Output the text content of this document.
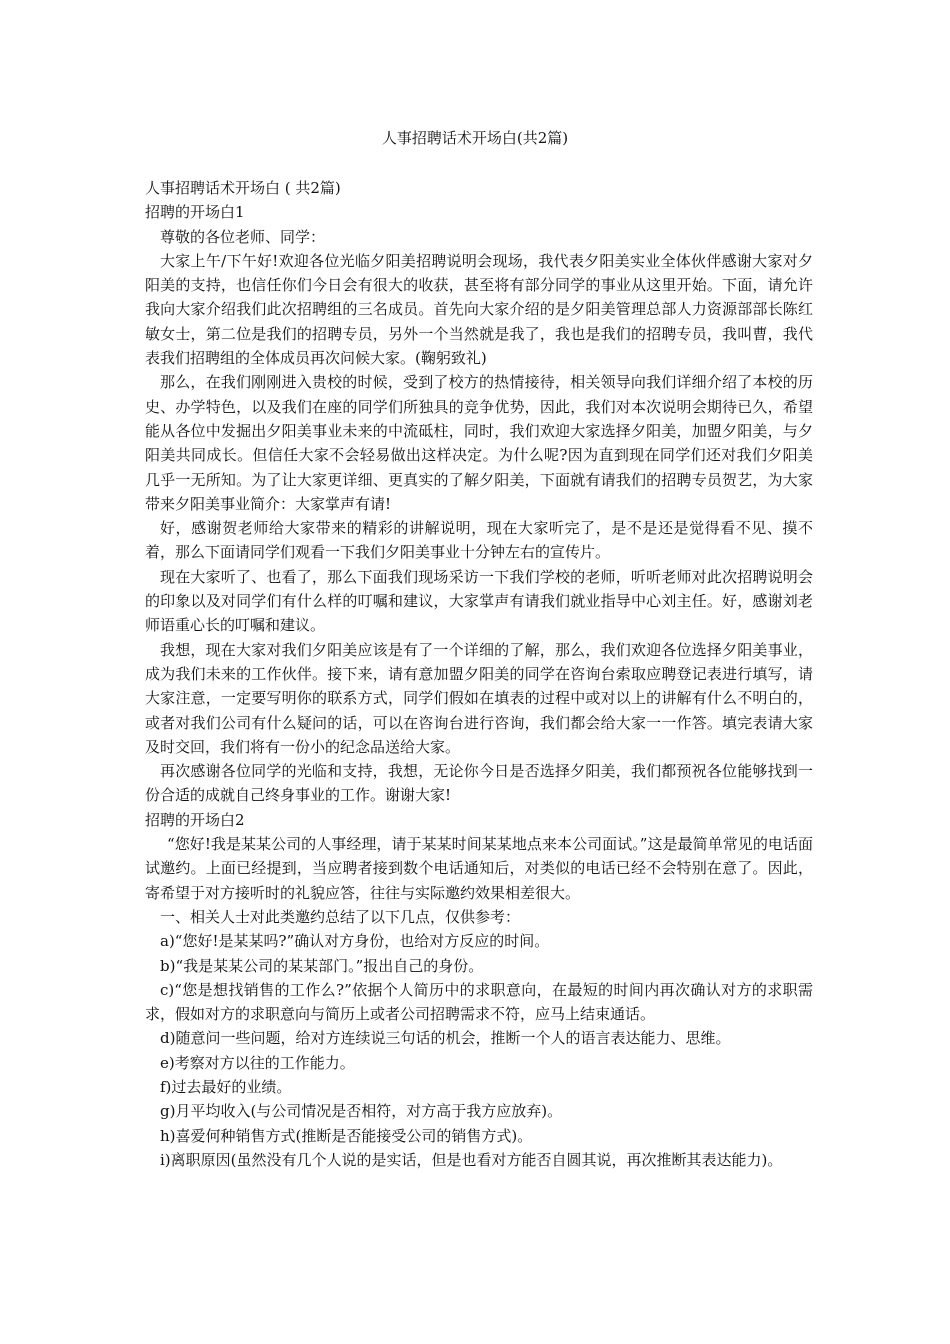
人事招聘话术开场白(共2篇)

人事招聘话术开场白 ( 共2篇)

招聘的开场白1

尊敬的各位老师、同学：

大家上午/下午好!欢迎各位光临夕阳美招聘说明会现场，我代表夕阳美实业全体伙伴感谢大家对夕阳美的支持，也信任你们今日会有很大的收获，甚至将有部分同学的事业从这里开始。下面，请允许我向大家介绍我们此次招聘组的三名成员。首先向大家介绍的是夕阳美管理总部人力资源部部长陈红敏女士，第二位是我们的招聘专员，另外一个当然就是我了，我也是我们的招聘专员，我叫曹，我代表我们招聘组的全体成员再次问候大家。(鞠躬致礼)

那么，在我们刚刚进入贵校的时候，受到了校方的热情接待，相关领导向我们详细介绍了本校的历史、办学特色，以及我们在座的同学们所独具的竞争优势，因此，我们对本次说明会期待已久，希望能从各位中发掘出夕阳美事业未来的中流砥柱，同时，我们欢迎大家选择夕阳美，加盟夕阳美，与夕阳美共同成长。但信任大家不会轻易做出这样决定。为什么呢?因为直到现在同学们还对我们夕阳美几乎一无所知。为了让大家更详细、更真实的了解夕阳美，下面就有请我们的招聘专员贺艺，为大家带来夕阳美事业简介：大家掌声有请!

好，感谢贺老师给大家带来的精彩的讲解说明，现在大家听完了，是不是还是觉得看不见、摸不着，那么下面请同学们观看一下我们夕阳美事业十分钟左右的宣传片。

现在大家听了、也看了，那么下面我们现场采访一下我们学校的老师，听听老师对此次招聘说明会的印象以及对同学们有什么样的叮嘱和建议，大家掌声有请我们就业指导中心刘主任。好，感谢刘老师语重心长的叮嘱和建议。

我想，现在大家对我们夕阳美应该是有了一个详细的了解，那么，我们欢迎各位选择夕阳美事业，成为我们未来的工作伙伴。接下来，请有意加盟夕阳美的同学在咨询台索取应聘登记表进行填写，请大家注意，一定要写明你的联系方式，同学们假如在填表的过程中或对以上的讲解有什么不明白的，或者对我们公司有什么疑问的话，可以在咨询台进行咨询，我们都会给大家一一作答。填完表请大家及时交回，我们将有一份小的纪念品送给大家。

再次感谢各位同学的光临和支持，我想，无论你今日是否选择夕阳美，我们都预祝各位能够找到一份合适的成就自己终身事业的工作。谢谢大家!

招聘的开场白2

“您好!我是某某公司的人事经理，请于某某时间某某地点来本公司面试。”这是最简单常见的电话面试邀约。上面已经提到，当应聘者接到数个电话通知后，对类似的电话已经不会特别在意了。因此，寄希望于对方接听时的礼貌应答，往往与实际邀约效果相差很大。

一、相关人士对此类邀约总结了以下几点，仅供参考：

a)“您好!是某某吗?”确认对方身份，也给对方反应的时间。

b)“我是某某公司的某某部门。”报出自己的身份。

c)“您是想找销售的工作么?”依据个人简历中的求职意向，在最短的时间内再次确认对方的求职需求，假如对方的求职意向与简历上或者公司招聘需求不符，应马上结束通话。

d)随意问一些问题，给对方连续说三句话的机会，推断一个人的语言表达能力、思维。

e)考察对方以往的工作能力。

f)过去最好的业绩。

g)月平均收入(与公司情况是否相符，对方高于我方应放弃)。

h)喜爱何种销售方式(推断是否能接受公司的销售方式)。

i)离职原因(虽然没有几个人说的是实话，但是也看对方能否自圆其说，再次推断其表达能力)。
